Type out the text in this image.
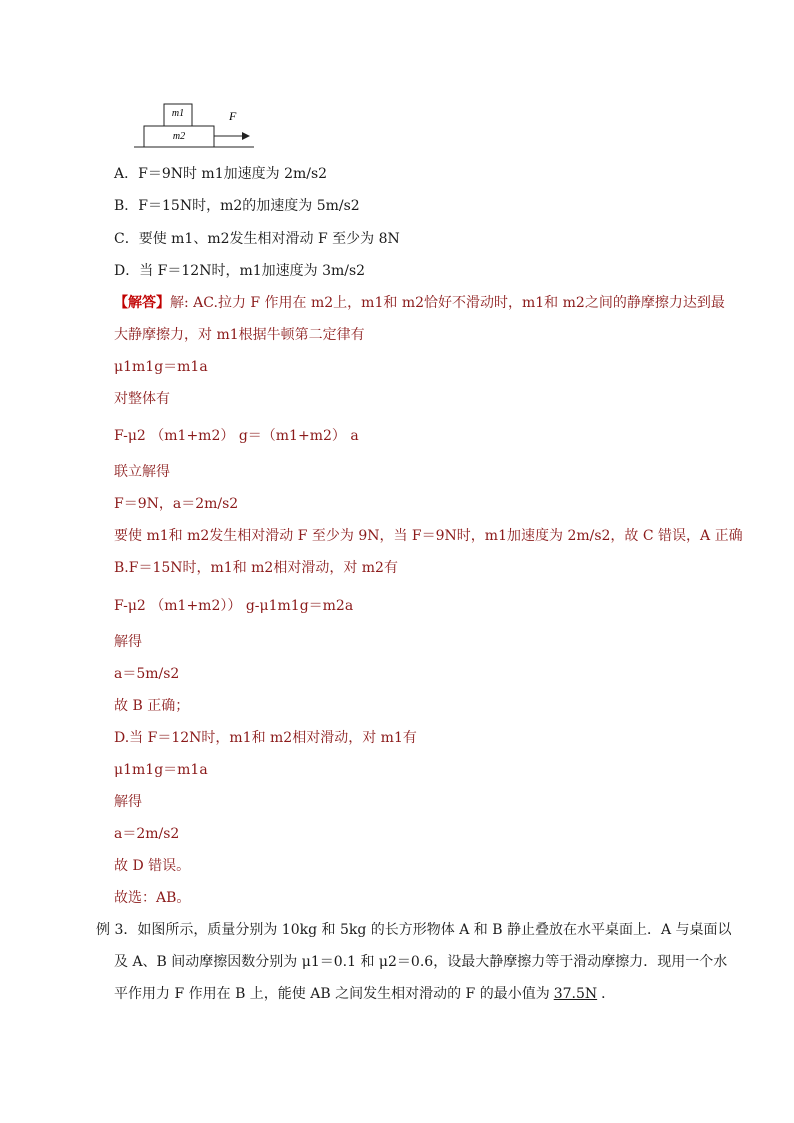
m1
m2
F
A．F＝9N时 m1加速度为 2m/s2
B．F＝15N时，m2的加速度为 5m/s2
C．要使 m1、m2发生相对滑动 F 至少为 8N
D．当 F＝12N时，m1加速度为 3m/s2
【解答】解: AC.拉力 F 作用在 m2上，m1和 m2恰好不滑动时，m1和 m2之间的静摩擦力达到最
大静摩擦力，对 m1根据牛顿第二定律有
μ1m1g＝m1a
对整体有
F-μ2 （m1+m2） g＝（m1+m2） a
联立解得
F＝9N，a＝2m/s2
要使 m1和 m2发生相对滑动 F 至少为 9N，当 F＝9N时，m1加速度为 2m/s2，故 C 错误，A 正确
B.F＝15N时，m1和 m2相对滑动，对 m2有
F-μ2 （m1+m2）） g-μ1m1g＝m2a
解得
a＝5m/s2
故 B 正确；
D.当 F＝12N时，m1和 m2相对滑动，对 m1有
μ1m1g＝m1a
解得
a＝2m/s2
故 D 错误。
故选：AB。
例 3．如图所示，质量分别为 10kg 和 5kg 的长方形物体 A 和 B 静止叠放在水平桌面上．A 与桌面以
及 A、B 间动摩擦因数分别为 μ1＝0.1 和 μ2＝0.6，设最大静摩擦力等于滑动摩擦力．现用一个水
平作用力 F 作用在 B 上，能使 AB 之间发生相对滑动的 F 的最小值为 37.5N ．
